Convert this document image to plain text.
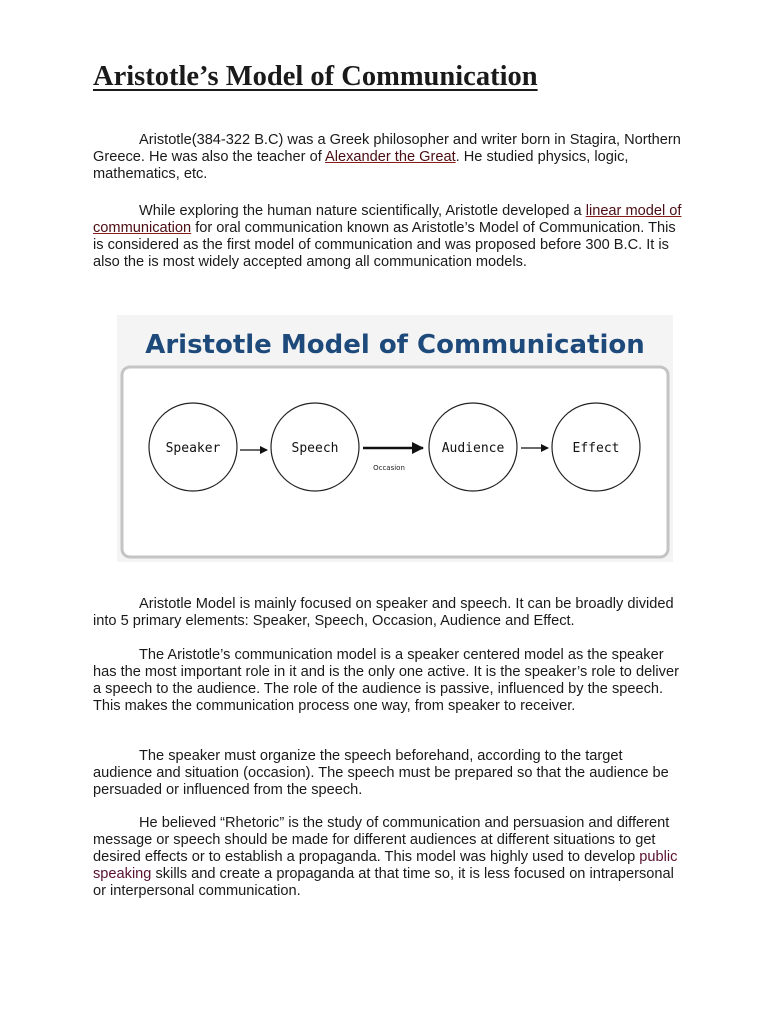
Aristotle’s Model of Communication

Aristotle(384-322 B.C) was a Greek philosopher and writer born in Stagira, Northern Greece. He was also the teacher of Alexander the Great. He studied physics, logic, mathematics, etc.

While exploring the human nature scientifically, Aristotle developed a linear model of communication for oral communication known as Aristotle’s Model of Communication. This is considered as the first model of communication and was proposed before 300 B.C. It is also the is most widely accepted among all communication models.

Aristotle Model of Communication
Speaker	Speech
Occasion
Audience	Effect

Aristotle Model is mainly focused on speaker and speech. It can be broadly divided into 5 primary elements: Speaker, Speech, Occasion, Audience and Effect.

The Aristotle’s communication model is a speaker centered model as the speaker has the most important role in it and is the only one active. It is the speaker’s role to deliver a speech to the audience. The role of the audience is passive, influenced by the speech. This makes the communication process one way, from speaker to receiver.

The speaker must organize the speech beforehand, according to the target audience and situation (occasion). The speech must be prepared so that the audience be persuaded or influenced from the speech.

He believed “Rhetoric” is the study of communication and persuasion and different message or speech should be made for different audiences at different situations to get desired effects or to establish a propaganda. This model was highly used to develop public speaking skills and create a propaganda at that time so, it is less focused on intrapersonal or interpersonal communication.
